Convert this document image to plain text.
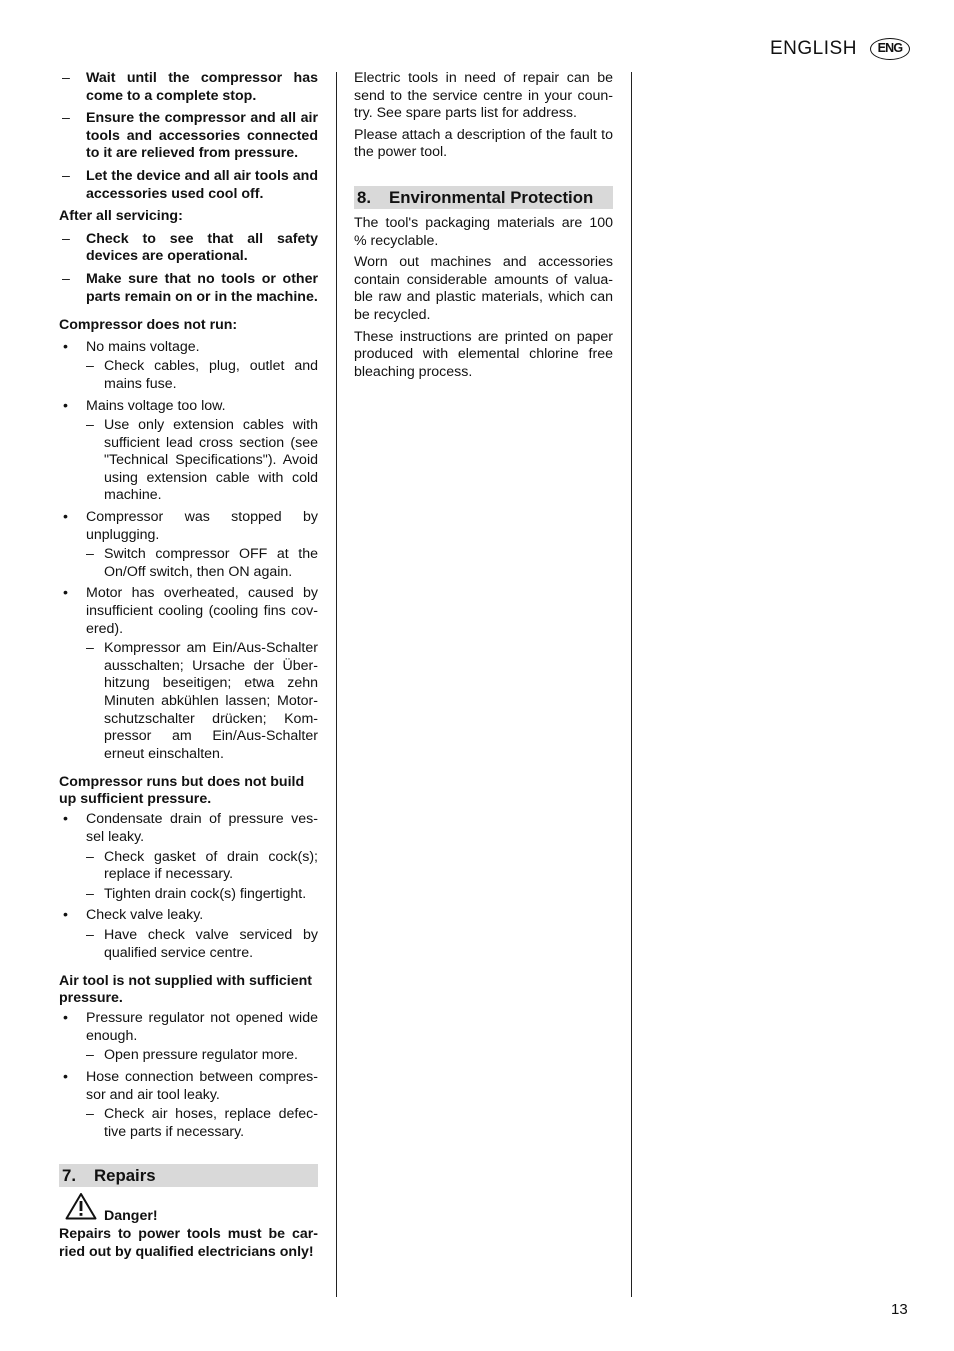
ENGLISH	ENG

– Wait until the compressor has come to a complete stop.

– Ensure the compressor and all air tools and accessories connected to it are relieved from pressure.

– Let the device and all air tools and accessories used cool off.

After all servicing:

– Check to see that all safety devices are operational.

– Make sure that no tools or other parts remain on or in the machine.

Compressor does not run:

• No mains voltage.

– Check cables, plug, outlet and mains fuse.

• Mains voltage too low.

– Use only extension cables with sufficient lead cross section (see "Technical Specifications"). Avoid using extension cable with cold machine.

• Compressor was stopped by unplugging.

– Switch compressor OFF at the On/Off switch, then ON again.

• Motor has overheated, caused by insufficient cooling (cooling fins cov-ered).

– Kompressor am Ein/Aus-Schalter ausschalten; Ursache der Über-hitzung beseitigen; etwa zehn Minuten abkühlen lassen; Motor-schutzschalter drücken; Kom-pressor am Ein/Aus-Schalter erneut einschalten.

Compressor runs but does not build up sufficient pressure.

• Condensate drain of pressure ves-sel leaky.

– Check gasket of drain cock(s); replace if necessary.

– Tighten drain cock(s) fingertight.

• Check valve leaky.

– Have check valve serviced by qualified service centre.

Air tool is not supplied with sufficient pressure.

• Pressure regulator not opened wide enough.

– Open pressure regulator more.

• Hose connection between compres-sor and air tool leaky.

– Check air hoses, replace defec-tive parts if necessary.

7. Repairs
Danger!

Repairs to power tools must be car-ried out by qualified electricians only!

Electric tools in need of repair can be send to the service centre in your coun-try. See spare parts list for address.

Please attach a description of the fault to the power tool.

8. Environmental Protection

The tool's packaging materials are 100 % recyclable.

Worn out machines and accessories contain considerable amounts of valua-ble raw and plastic materials, which can be recycled.

These instructions are printed on paper produced with elemental chlorine free bleaching process.

13
